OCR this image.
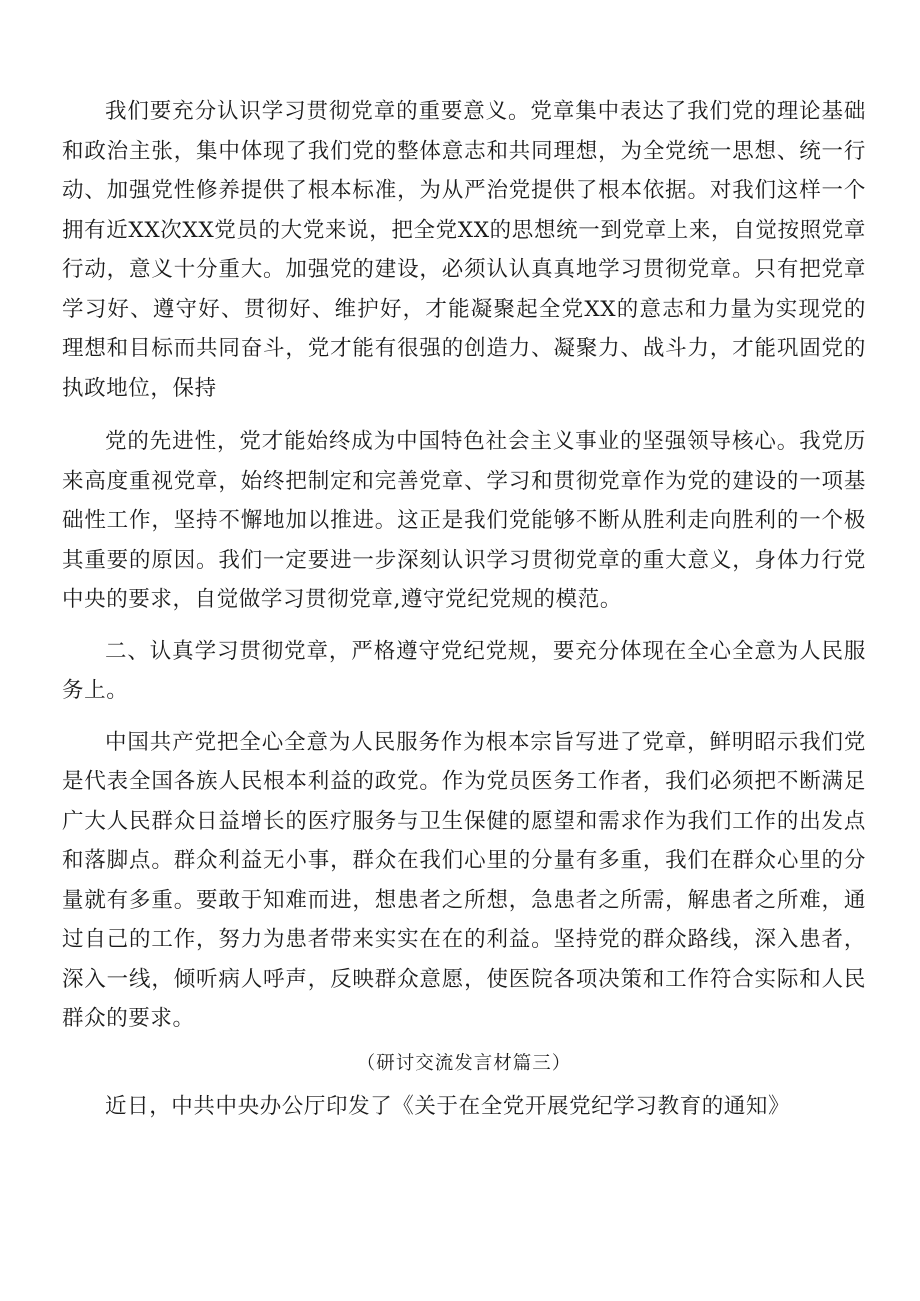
我们要充分认识学习贯彻党章的重要意义。党章集中表达了我们党的理论基础和政治主张，集中体现了我们党的整体意志和共同理想，为全党统一思想、统一行动、加强党性修养提供了根本标准，为从严治党提供了根本依据。对我们这样一个拥有近XX次XX党员的大党来说，把全党XX的思想统一到党章上来，自觉按照党章行动，意义十分重大。加强党的建设，必须认认真真地学习贯彻党章。只有把党章学习好、遵守好、贯彻好、维护好，才能凝聚起全党XX的意志和力量为实现党的理想和目标而共同奋斗，党才能有很强的创造力、凝聚力、战斗力，才能巩固党的执政地位，保持

党的先进性，党才能始终成为中国特色社会主义事业的坚强领导核心。我党历来高度重视党章，始终把制定和完善党章、学习和贯彻党章作为党的建设的一项基础性工作，坚持不懈地加以推进。这正是我们党能够不断从胜利走向胜利的一个极其重要的原因。我们一定要进一步深刻认识学习贯彻党章的重大意义，身体力行党中央的要求，自觉做学习贯彻党章,遵守党纪党规的模范。

二、认真学习贯彻党章，严格遵守党纪党规，要充分体现在全心全意为人民服务上。

中国共产党把全心全意为人民服务作为根本宗旨写进了党章，鲜明昭示我们党是代表全国各族人民根本利益的政党。作为党员医务工作者，我们必须把不断满足广大人民群众日益增长的医疗服务与卫生保健的愿望和需求作为我们工作的出发点和落脚点。群众利益无小事，群众在我们心里的分量有多重，我们在群众心里的分量就有多重。要敢于知难而进，想患者之所想，急患者之所需，解患者之所难，通过自己的工作，努力为患者带来实实在在的利益。坚持党的群众路线，深入患者，深入一线，倾听病人呼声，反映群众意愿，使医院各项决策和工作符合实际和人民群众的要求。

（研讨交流发言材篇三）

近日，中共中央办公厅印发了《关于在全党开展党纪学习教育的通知》
